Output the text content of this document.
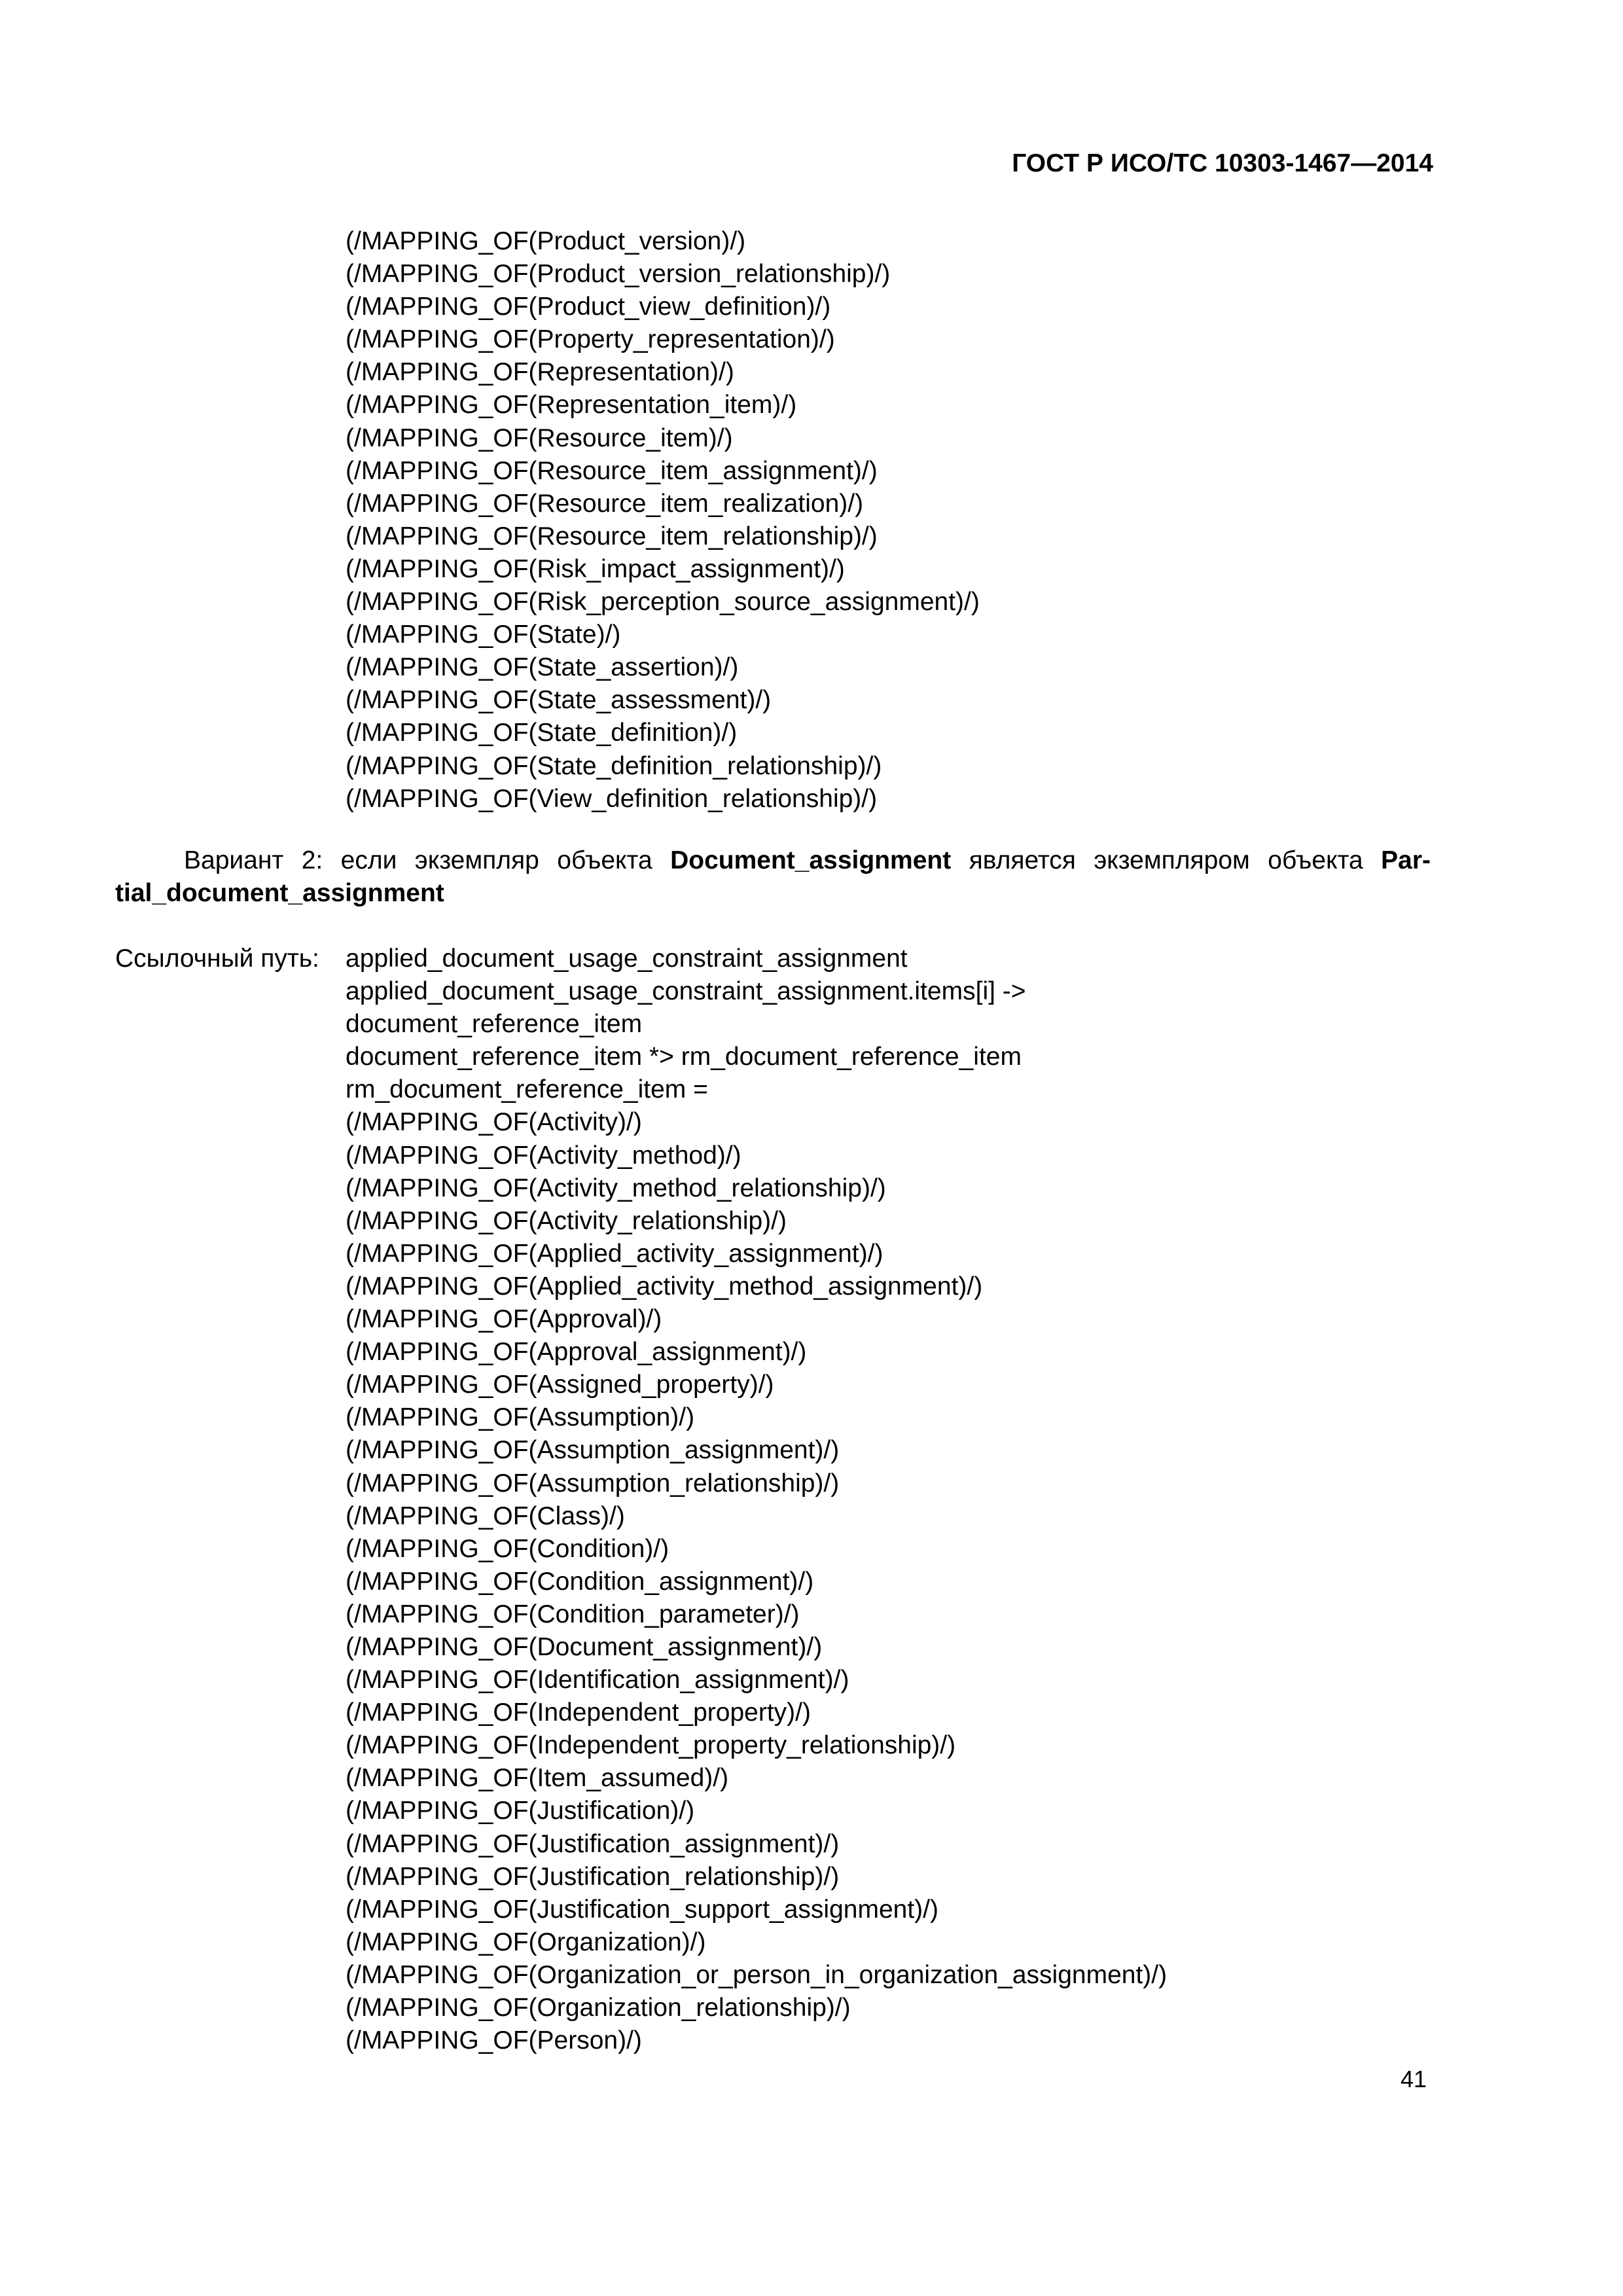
ГОСТ Р ИСО/ТС 10303-1467—2014
(/MAPPING_OF(Product_version)/)
(/MAPPING_OF(Product_version_relationship)/)
(/MAPPING_OF(Product_view_definition)/)
(/MAPPING_OF(Property_representation)/)
(/MAPPING_OF(Representation)/)
(/MAPPING_OF(Representation_item)/)
(/MAPPING_OF(Resource_item)/)
(/MAPPING_OF(Resource_item_assignment)/)
(/MAPPING_OF(Resource_item_realization)/)
(/MAPPING_OF(Resource_item_relationship)/)
(/MAPPING_OF(Risk_impact_assignment)/)
(/MAPPING_OF(Risk_perception_source_assignment)/)
(/MAPPING_OF(State)/)
(/MAPPING_OF(State_assertion)/)
(/MAPPING_OF(State_assessment)/)
(/MAPPING_OF(State_definition)/)
(/MAPPING_OF(State_definition_relationship)/)
(/MAPPING_OF(View_definition_relationship)/)
Вариант 2: если экземпляр объекта Document_assignment является экземпляром объекта Par-
tial_document_assignment
Ссылочный путь: applied_document_usage_constraint_assignment
applied_document_usage_constraint_assignment.items[i] ->
document_reference_item
document_reference_item *> rm_document_reference_item
rm_document_reference_item =
(/MAPPING_OF(Activity)/)
(/MAPPING_OF(Activity_method)/)
(/MAPPING_OF(Activity_method_relationship)/)
(/MAPPING_OF(Activity_relationship)/)
(/MAPPING_OF(Applied_activity_assignment)/)
(/MAPPING_OF(Applied_activity_method_assignment)/)
(/MAPPING_OF(Approval)/)
(/MAPPING_OF(Approval_assignment)/)
(/MAPPING_OF(Assigned_property)/)
(/MAPPING_OF(Assumption)/)
(/MAPPING_OF(Assumption_assignment)/)
(/MAPPING_OF(Assumption_relationship)/)
(/MAPPING_OF(Class)/)
(/MAPPING_OF(Condition)/)
(/MAPPING_OF(Condition_assignment)/)
(/MAPPING_OF(Condition_parameter)/)
(/MAPPING_OF(Document_assignment)/)
(/MAPPING_OF(Identification_assignment)/)
(/MAPPING_OF(Independent_property)/)
(/MAPPING_OF(Independent_property_relationship)/)
(/MAPPING_OF(Item_assumed)/)
(/MAPPING_OF(Justification)/)
(/MAPPING_OF(Justification_assignment)/)
(/MAPPING_OF(Justification_relationship)/)
(/MAPPING_OF(Justification_support_assignment)/)
(/MAPPING_OF(Organization)/)
(/MAPPING_OF(Organization_or_person_in_organization_assignment)/)
(/MAPPING_OF(Organization_relationship)/)
(/MAPPING_OF(Person)/)
41
